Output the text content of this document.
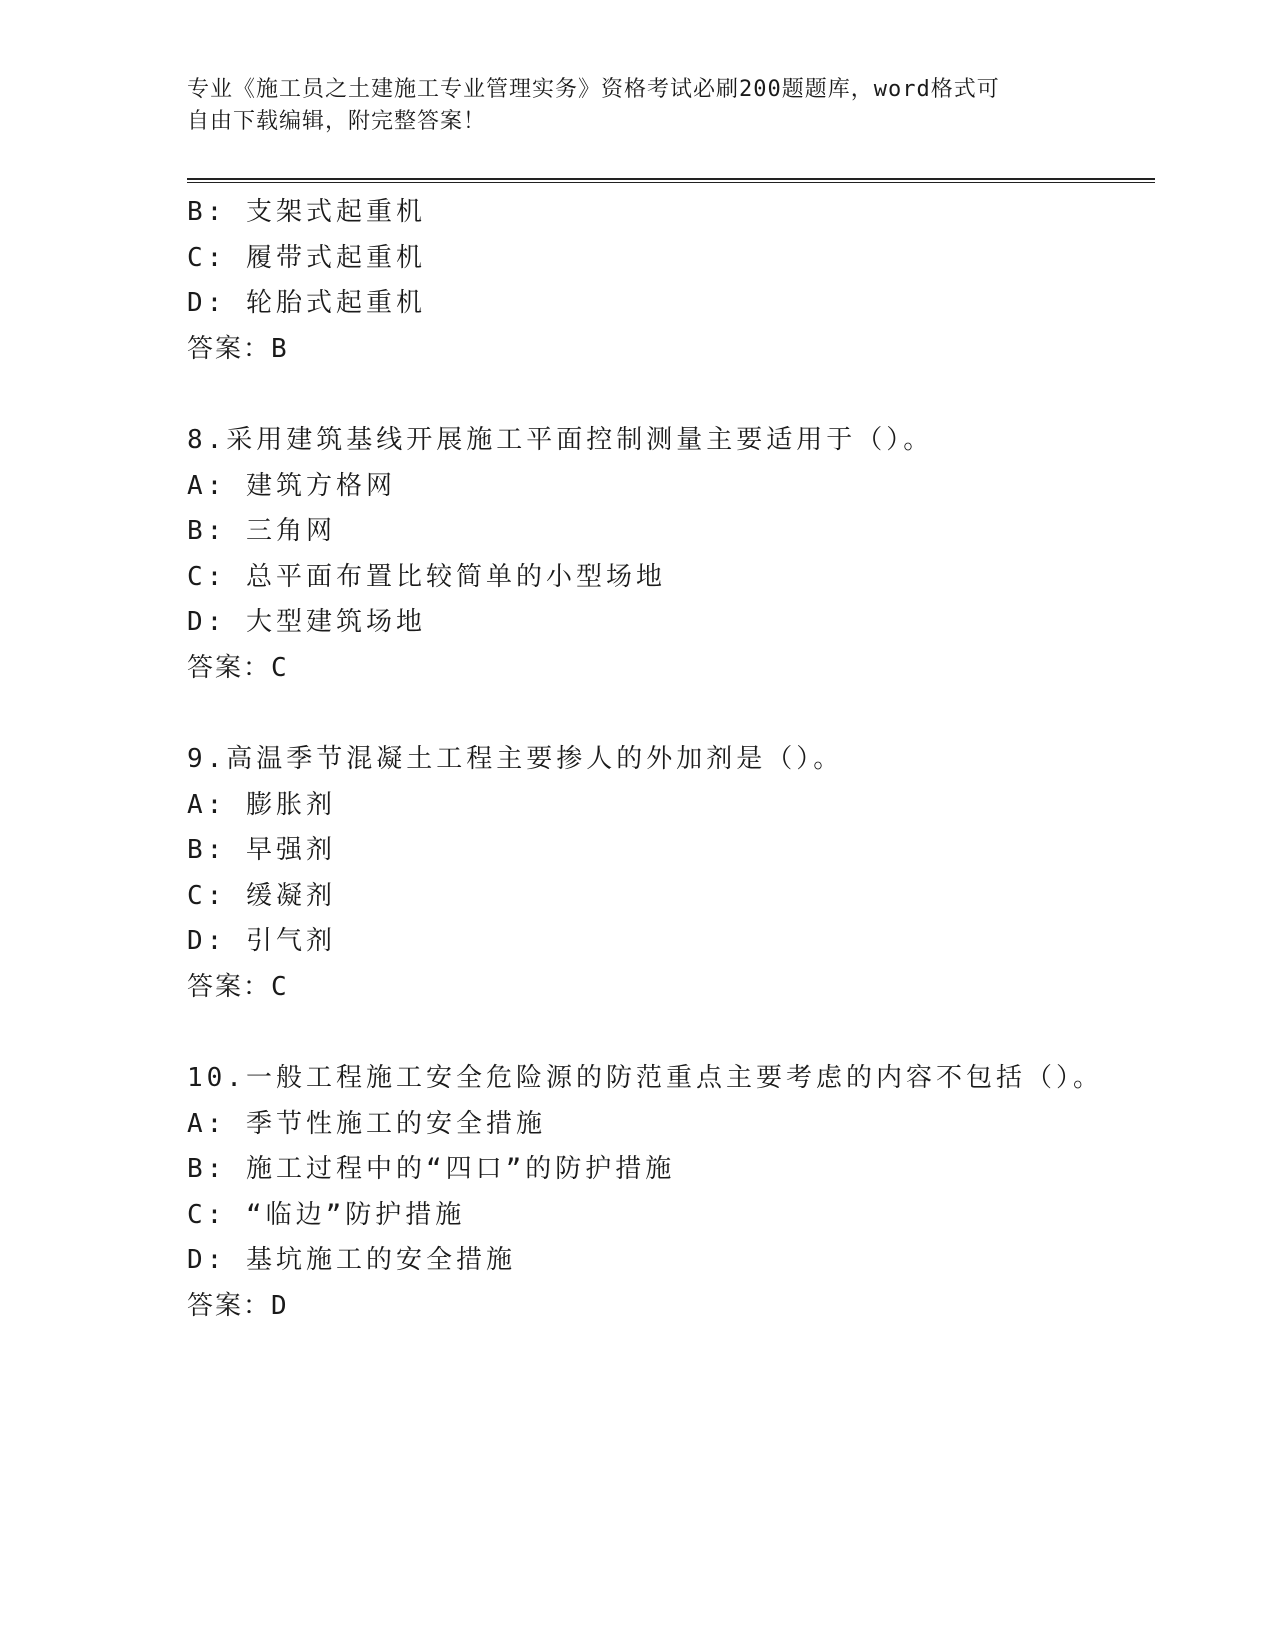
专业《施工员之土建施工专业管理实务》资格考试必刷200题题库，word格式可
自由下载编辑，附完整答案！
B: 支架式起重机
C: 履带式起重机
D: 轮胎式起重机
答案：B
8.采用建筑基线开展施工平面控制测量主要适用于（）。
A: 建筑方格网
B: 三角网
C: 总平面布置比较简单的小型场地
D: 大型建筑场地
答案：C
9.高温季节混凝土工程主要掺人的外加剂是（）。
A: 膨胀剂
B: 早强剂
C: 缓凝剂
D: 引气剂
答案：C
10.一般工程施工安全危险源的防范重点主要考虑的内容不包括（）。
A: 季节性施工的安全措施
B: 施工过程中的“四口”的防护措施
C: “临边”防护措施
D: 基坑施工的安全措施
答案：D
